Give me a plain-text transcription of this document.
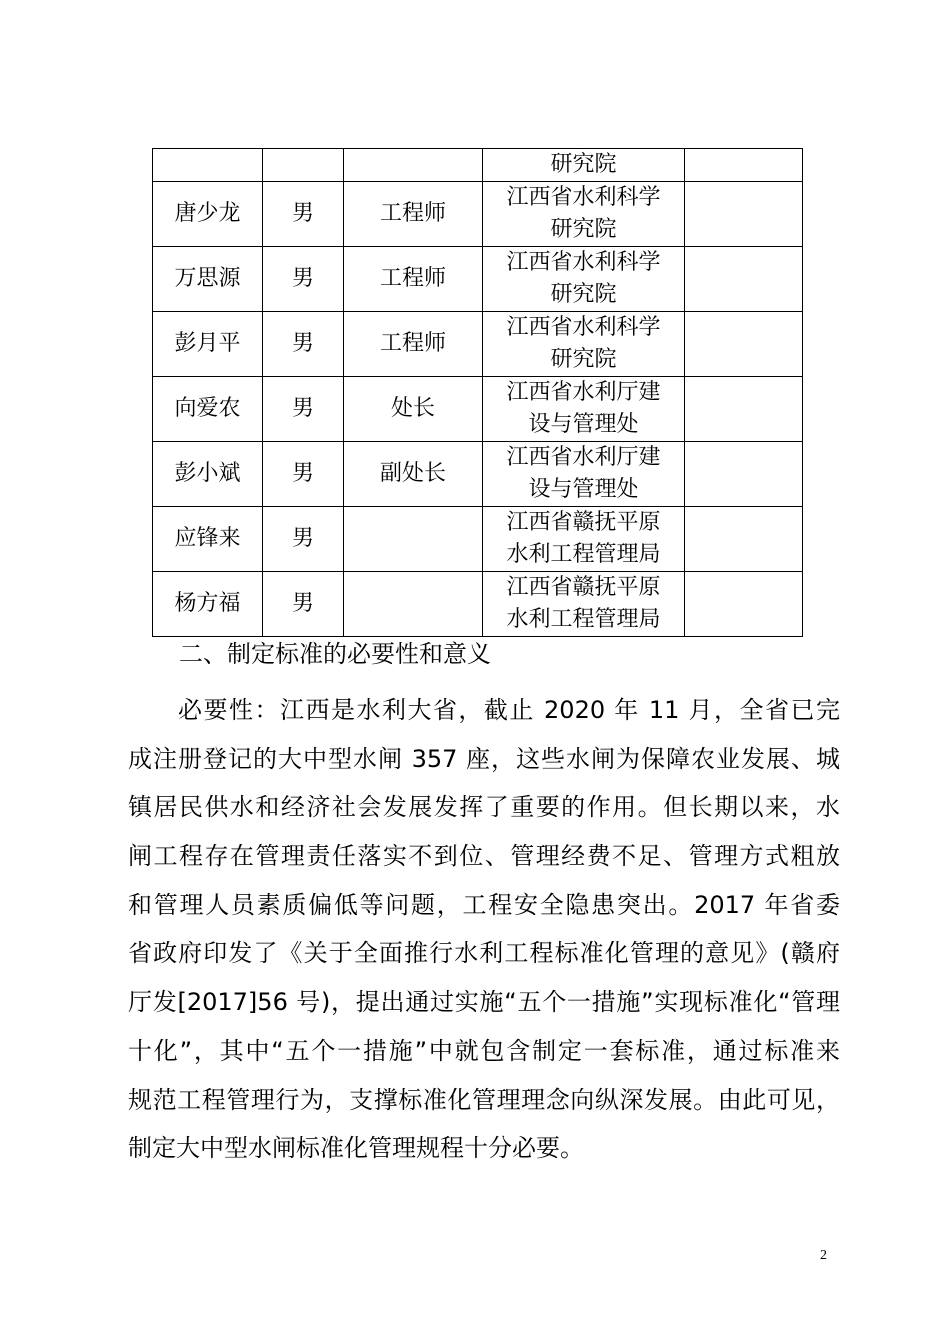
			研究院	
唐少龙	男	工程师	江西省水利科学
研究院	

万思源	男	工程师	江西省水利科学
研究院	

彭月平	男	工程师	江西省水利科学
研究院	

向爱农	男	处长	江西省水利厅建
设与管理处	

彭小斌	男	副处长	江西省水利厅建
设与管理处	

应锋来	男		江西省赣抚平原
水利工程管理局	

杨方福	男		江西省赣抚平原
水利工程管理局	

二、制定标准的必要性和意义
必要性：江西是水利大省，截止 2020 年 11 月，全省已完
成注册登记的大中型水闸 357 座，这些水闸为保障农业发展、城
镇居民供水和经济社会发展发挥了重要的作用。但长期以来，水
闸工程存在管理责任落实不到位、管理经费不足、管理方式粗放
和管理人员素质偏低等问题，工程安全隐患突出。2017 年省委
省政府印发了《关于全面推行水利工程标准化管理的意见》(赣府
厅发[2017]56 号)，提出通过实施“五个一措施”实现标准化“管理
十化”，其中“五个一措施”中就包含制定一套标准，通过标准来
规范工程管理行为，支撑标准化管理理念向纵深发展。由此可见，
制定大中型水闸标准化管理规程十分必要。
2
